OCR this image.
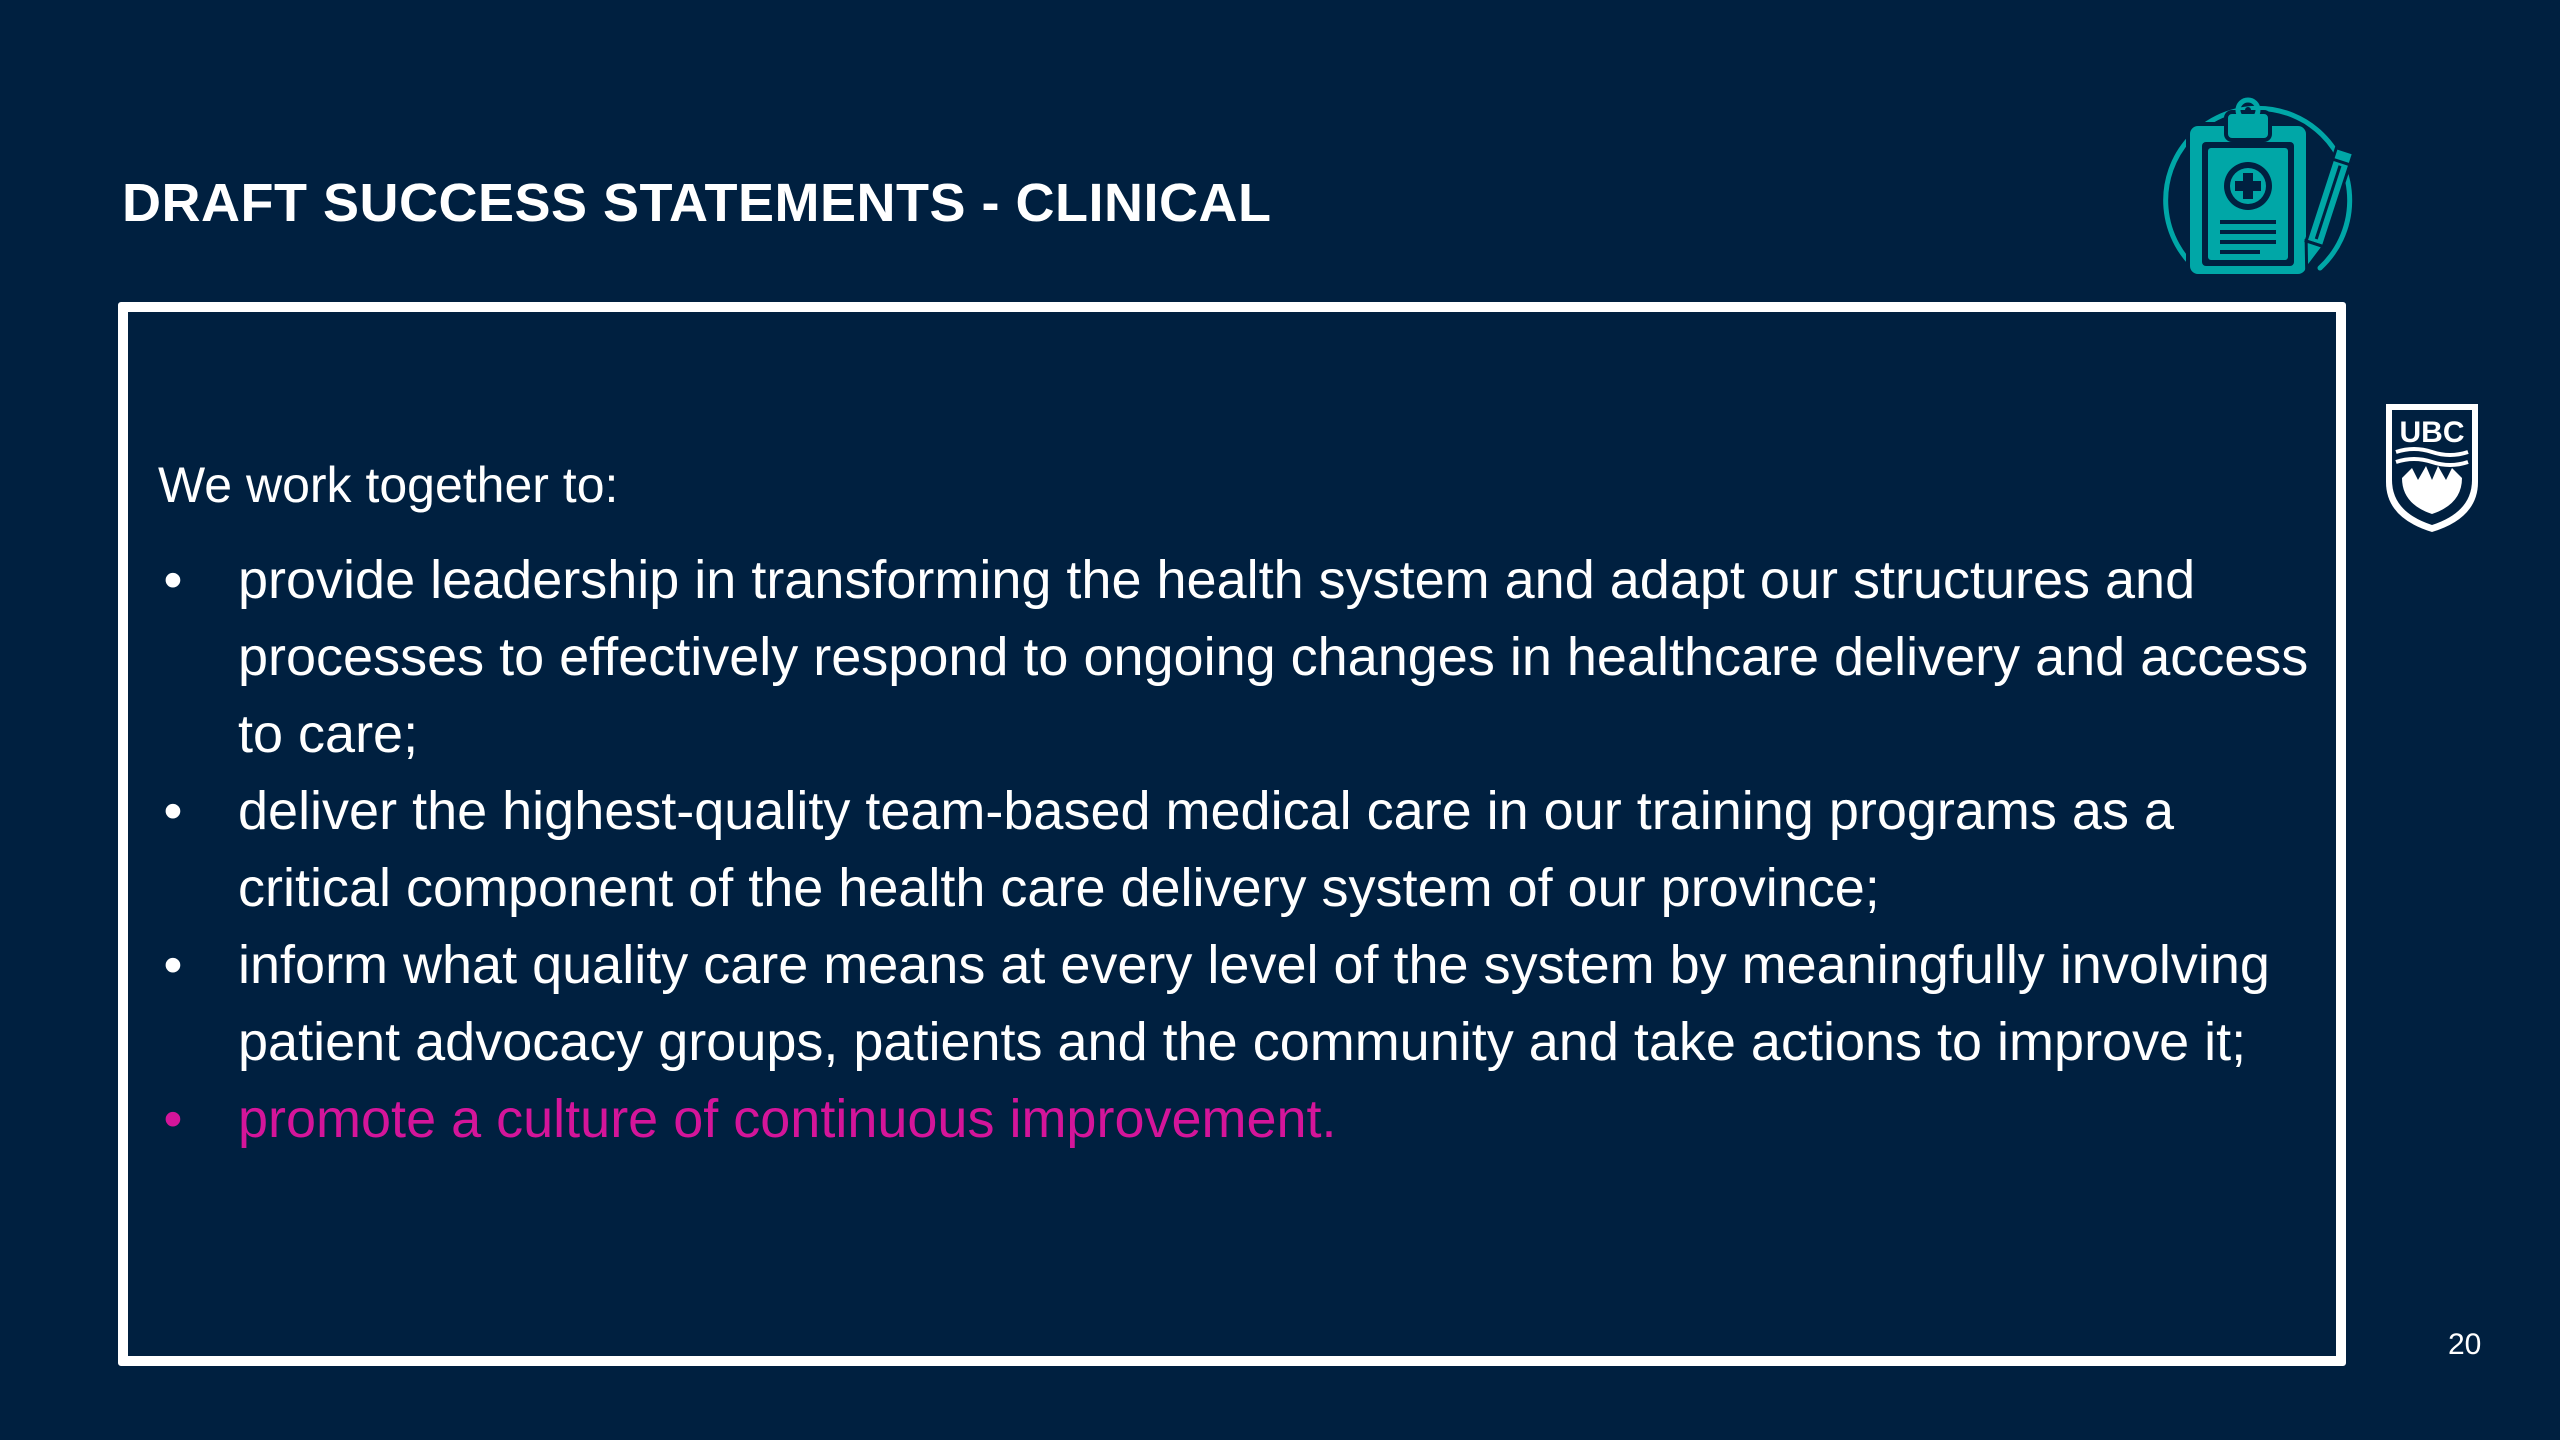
DRAFT SUCCESS STATEMENTS - CLINICAL
UBC
We work together to:
• provide leadership in transforming the health system and adapt our structures and processes to effectively respond to ongoing changes in healthcare delivery and access to care;
• deliver the highest-quality team-based medical care in our training programs as a critical component of the health care delivery system of our province;
• inform what quality care means at every level of the system by meaningfully involving patient advocacy groups, patients and the community and take actions to improve it;
• promote a culture of continuous improvement.
20
